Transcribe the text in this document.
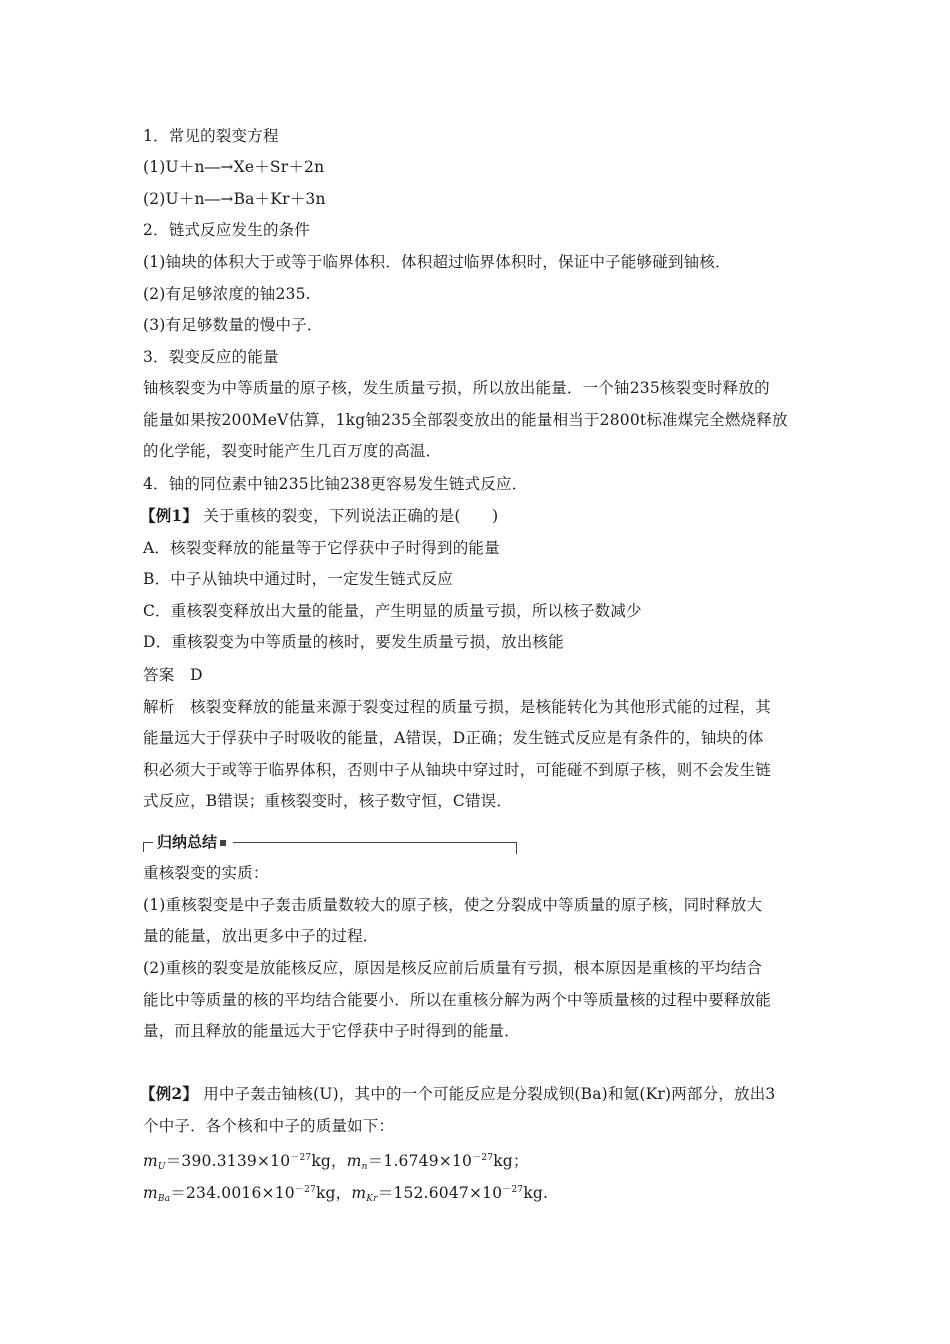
1．常见的裂变方程
(1)U＋n―→Xe＋Sr＋2n
(2)U＋n―→Ba＋Kr＋3n
2．链式反应发生的条件
(1)铀块的体积大于或等于临界体积．体积超过临界体积时，保证中子能够碰到铀核．
(2)有足够浓度的铀235.
(3)有足够数量的慢中子．
3．裂变反应的能量
铀核裂变为中等质量的原子核，发生质量亏损，所以放出能量．一个铀235核裂变时释放的
能量如果按200MeV估算，1kg铀235全部裂变放出的能量相当于2800t标准煤完全燃烧释放
的化学能，裂变时能产生几百万度的高温．
4．铀的同位素中铀235比铀238更容易发生链式反应．
【例1】 关于重核的裂变，下列说法正确的是(　　)
A．核裂变释放的能量等于它俘获中子时得到的能量
B．中子从铀块中通过时，一定发生链式反应
C．重核裂变释放出大量的能量，产生明显的质量亏损，所以核子数减少
D．重核裂变为中等质量的核时，要发生质量亏损，放出核能
答案　D
解析　核裂变释放的能量来源于裂变过程的质量亏损，是核能转化为其他形式能的过程，其
能量远大于俘获中子时吸收的能量，A错误，D正确；发生链式反应是有条件的，铀块的体
积必须大于或等于临界体积，否则中子从铀块中穿过时，可能碰不到原子核，则不会发生链
式反应，B错误；重核裂变时，核子数守恒，C错误．
归纳总结
重核裂变的实质：
(1)重核裂变是中子轰击质量数较大的原子核，使之分裂成中等质量的原子核，同时释放大
量的能量，放出更多中子的过程．
(2)重核的裂变是放能核反应，原因是核反应前后质量有亏损，根本原因是重核的平均结合
能比中等质量的核的平均结合能要小．所以在重核分解为两个中等质量核的过程中要释放能
量，而且释放的能量远大于它俘获中子时得到的能量．
【例2】 用中子轰击铀核(U)，其中的一个可能反应是分裂成钡(Ba)和氪(Kr)两部分，放出3
个中子．各个核和中子的质量如下：
$m_U=390.3139\times 10^{-27}kg$，$m_n=1.6749\times 10^{-27}kg$；
$m_{Ba}=234.0016\times 10^{-27}kg$，$m_{Kr}=152.6047\times 10^{-27}kg$.
